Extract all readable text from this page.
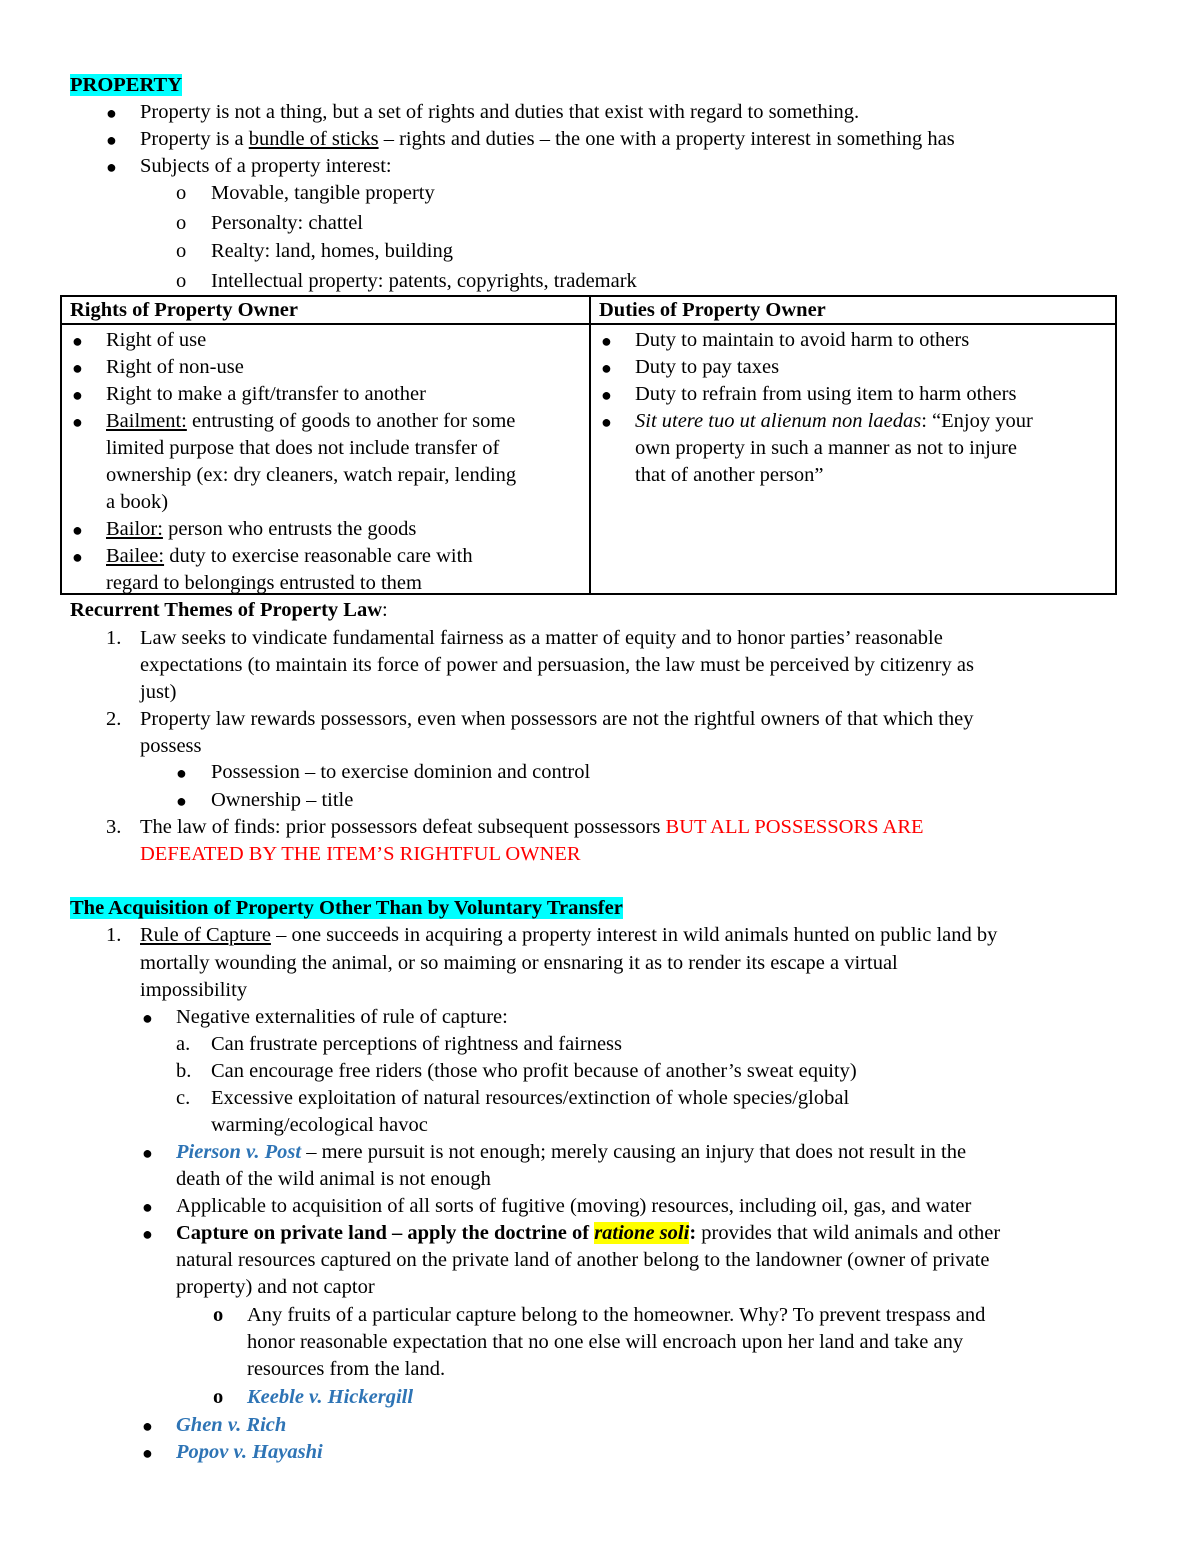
PROPERTY
● Property is not a thing, but a set of rights and duties that exist with regard to something.
● Property is a bundle of sticks – rights and duties – the one with a property interest in something has
● Subjects of a property interest:
o Movable, tangible property
o Personalty: chattel
o Realty: land, homes, building
o Intellectual property: patents, copyrights, trademark
Rights of Property Owner	Duties of Property Owner
● Right of use
● Right of non-use
● Right to make a gift/transfer to another
● Bailment: entrusting of goods to another for some
limited purpose that does not include transfer of
ownership (ex: dry cleaners, watch repair, lending
a book)
● Bailor: person who entrusts the goods
● Bailee: duty to exercise reasonable care with
regard to belongings entrusted to them
● Duty to maintain to avoid harm to others
● Duty to pay taxes
● Duty to refrain from using item to harm others
● Sit utere tuo ut alienum non laedas: “Enjoy your
own property in such a manner as not to injure
that of another person”
Recurrent Themes of Property Law:
1. Law seeks to vindicate fundamental fairness as a matter of equity and to honor parties’ reasonable
expectations (to maintain its force of power and persuasion, the law must be perceived by citizenry as
just)
2. Property law rewards possessors, even when possessors are not the rightful owners of that which they
possess
● Possession – to exercise dominion and control
● Ownership – title
3. The law of finds: prior possessors defeat subsequent possessors BUT ALL POSSESSORS ARE
DEFEATED BY THE ITEM’S RIGHTFUL OWNER
The Acquisition of Property Other Than by Voluntary Transfer
1. Rule of Capture – one succeeds in acquiring a property interest in wild animals hunted on public land by
mortally wounding the animal, or so maiming or ensnaring it as to render its escape a virtual
impossibility
● Negative externalities of rule of capture:
a. Can frustrate perceptions of rightness and fairness
b. Can encourage free riders (those who profit because of another’s sweat equity)
c. Excessive exploitation of natural resources/extinction of whole species/global
warming/ecological havoc
● Pierson v. Post – mere pursuit is not enough; merely causing an injury that does not result in the
death of the wild animal is not enough
● Applicable to acquisition of all sorts of fugitive (moving) resources, including oil, gas, and water
● Capture on private land – apply the doctrine of ratione soli: provides that wild animals and other
natural resources captured on the private land of another belong to the landowner (owner of private
property) and not captor
o Any fruits of a particular capture belong to the homeowner. Why? To prevent trespass and
honor reasonable expectation that no one else will encroach upon her land and take any
resources from the land.
o Keeble v. Hickergill
● Ghen v. Rich
● Popov v. Hayashi
